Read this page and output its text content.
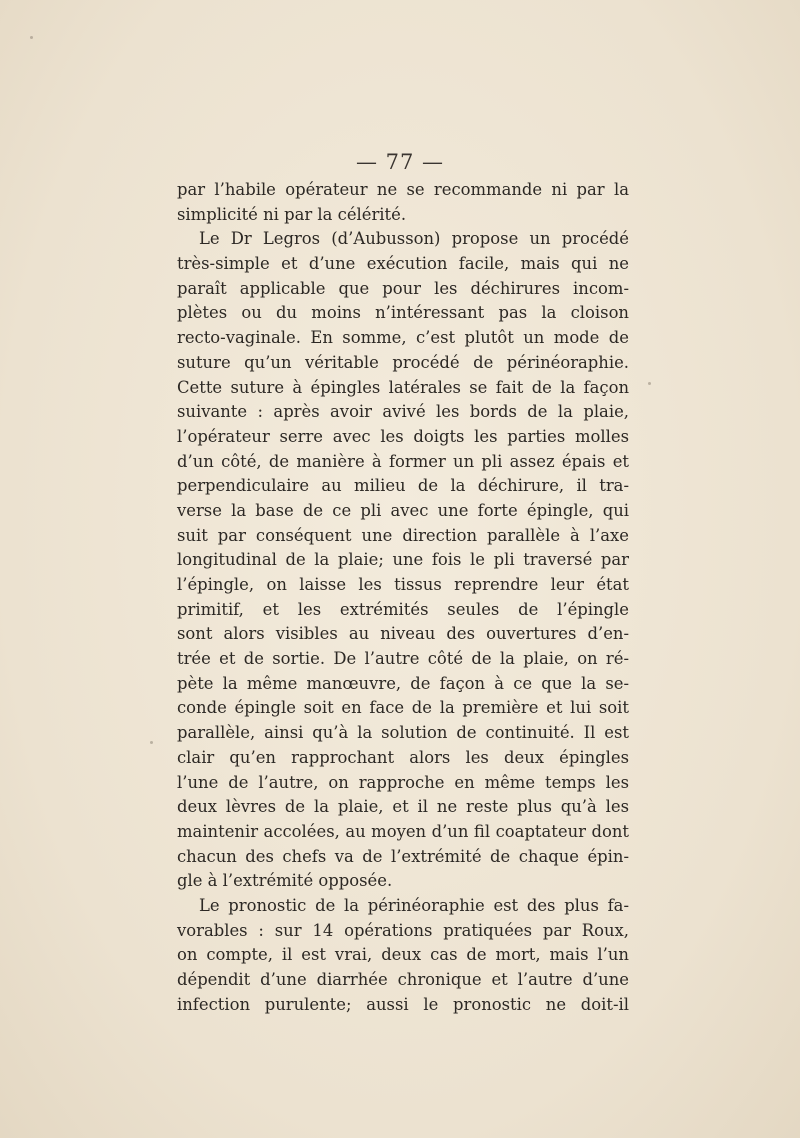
— 77 —
par l’habile opérateur ne se recommande ni par la
simplicité ni par la célérité.
Le Dr Legros (d’Aubusson) propose un procédé
très-simple et d’une exécution facile, mais qui ne
paraît applicable que pour les déchirures incom-
plètes ou du moins n’intéressant pas la cloison
recto-vaginale. En somme, c’est plutôt un mode de
suture qu’un véritable procédé de périnéoraphie.
Cette suture à épingles latérales se fait de la façon
suivante : après avoir avivé les bords de la plaie,
l’opérateur serre avec les doigts les parties molles
d’un côté, de manière à former un pli assez épais et
perpendiculaire au milieu de la déchirure, il tra-
verse la base de ce pli avec une forte épingle, qui
suit par conséquent une direction parallèle à l’axe
longitudinal de la plaie; une fois le pli traversé par
l’épingle, on laisse les tissus reprendre leur état
primitif, et les extrémités seules de l’épingle
sont alors visibles au niveau des ouvertures d’en-
trée et de sortie. De l’autre côté de la plaie, on ré-
pète la même manœuvre, de façon à ce que la se-
conde épingle soit en face de la première et lui soit
parallèle, ainsi qu’à la solution de continuité. Il est
clair qu’en rapprochant alors les deux épingles
l’une de l’autre, on rapproche en même temps les
deux lèvres de la plaie, et il ne reste plus qu’à les
maintenir accolées, au moyen d’un fil coaptateur dont
chacun des chefs va de l’extrémité de chaque épin-
gle à l’extrémité opposée.
Le pronostic de la périnéoraphie est des plus fa-
vorables : sur 14 opérations pratiquées par Roux,
on compte, il est vrai, deux cas de mort, mais l’un
dépendit d’une diarrhée chronique et l’autre d’une
infection purulente; aussi le pronostic ne doit-il
